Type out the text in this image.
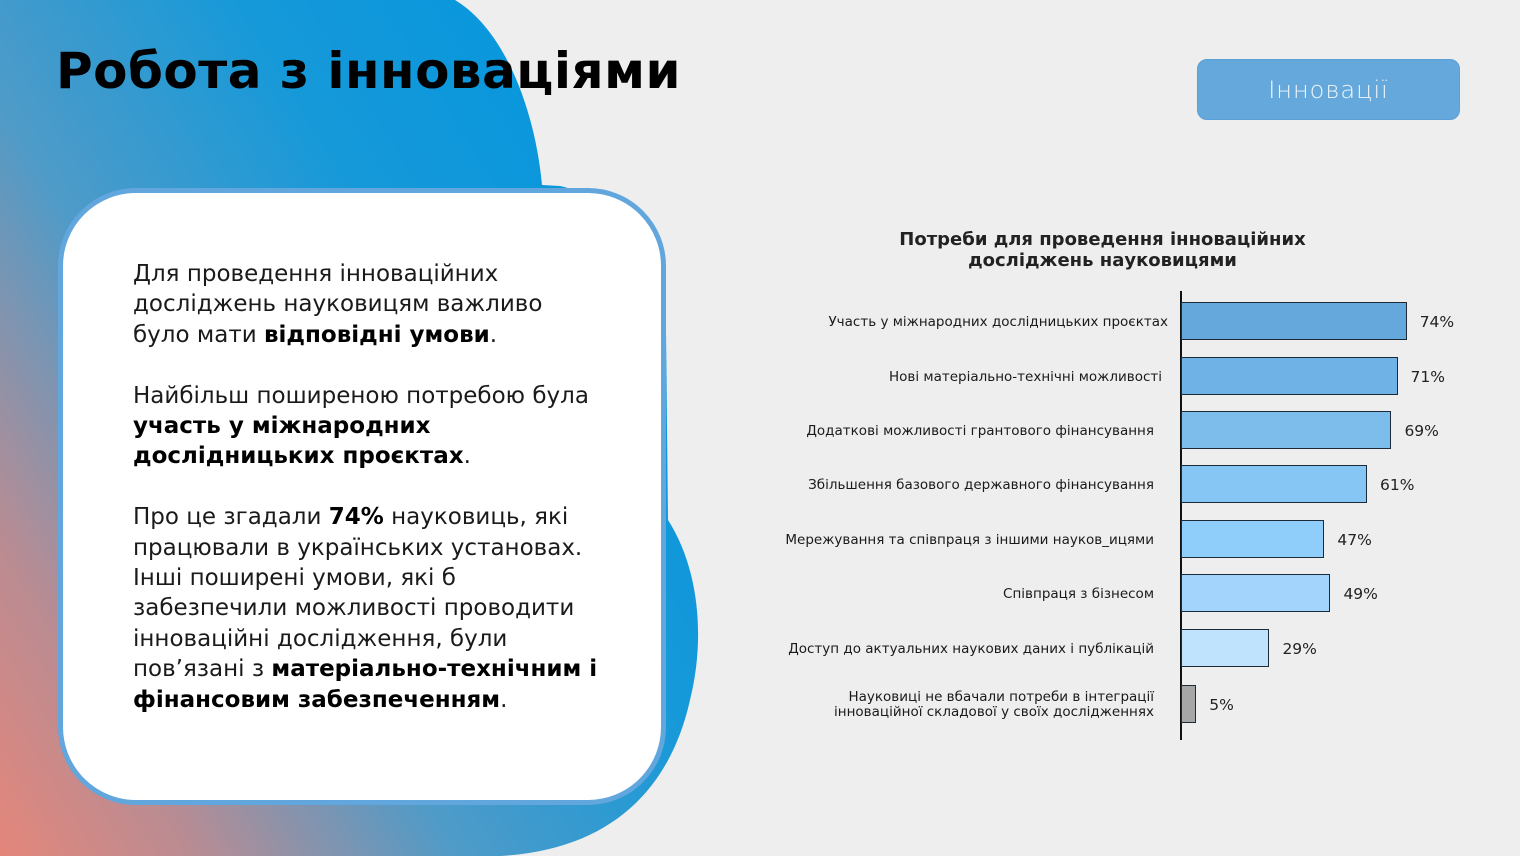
Робота з інноваціями	Інновації

Для проведення інноваційних досліджень науковицям важливо було мати відповідні умови.

Найбільш поширеною потребою була участь у міжнародних дослідницьких проєктах.

Про це згадали 74% науковиць, які працювали в українських установах. Інші поширені умови, які б забезпечили можливості проводити інноваційні дослідження, були пов’язані з матеріально-технічним і фінансовим забезпеченням.

Потреби для проведення інноваційних досліджень науковицями
Участь у міжнародних дослідницьких проєктах	74%
Нові матеріально-технічні можливості	71%
Додаткові можливості грантового фінансування	69%
Збільшення базового державного фінансування	61%
Мережування та співпраця з іншими науков_ицями	47%
Співпраця з бізнесом	49%
Доступ до актуальних наукових даних і публікацій	29%
Науковиці не вбачали потреби в інтеграції
інноваційної складової у своїх дослідженнях	5%
